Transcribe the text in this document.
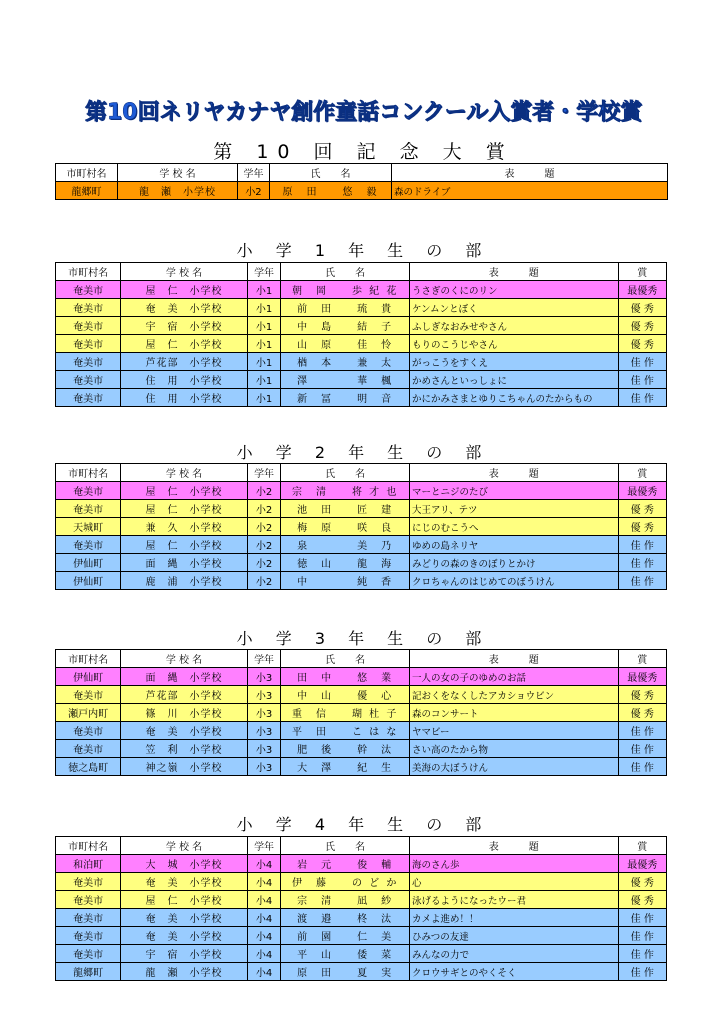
第10回ネリヤカナヤ創作童話コンクール入賞者・学校賞
第 10 回 記 念 大 賞
市町村名	学 校 名	学年	氏　　名	表　　　題
龍郷町	龍　瀬　小学校	小2	原　田　　悠　毅	森のドライブ
小 学 1 年 生 の 部
市町村名	学 校 名	学年	氏　　名	表　　　題	賞
奄美市	屋　仁　小学校	小1	朝　岡　　歩 紀 花	うさぎのくにのリン	最優秀
奄美市	奄　美　小学校	小1	前　田　　琉　貴	ケンムンとぼく	優 秀
奄美市	宇　宿　小学校	小1	中　島　　結　子	ふしぎなおみせやさん	優 秀
奄美市	屋　仁　小学校	小1	山　原　　佳　怜	もりのこうじやさん	優 秀
奄美市	芦花部　小学校	小1	楢　本　　兼　太	がっこうをすくえ	佳 作
奄美市	住　用　小学校	小1	澤　　　　華　楓	かめさんといっしょに	佳 作
奄美市	住　用　小学校	小1	新　冨　　明　音	かにかみさまとゆりこちゃんのたからもの	佳 作
小 学 2 年 生 の 部
市町村名	学 校 名	学年	氏　　名	表　　　題	賞
奄美市	屋　仁　小学校	小2	宗　清　　将 才 也	マーとニジのたび	最優秀
奄美市	屋　仁　小学校	小2	池　田　　匠　建	大王アリ、テツ	優 秀
天城町	兼　久　小学校	小2	梅　原　　咲　良	にじのむこうへ	優 秀
奄美市	屋　仁　小学校	小2	泉　　　　美　乃	ゆめの島ネリヤ	佳 作
伊仙町	面　縄　小学校	小2	徳　山　　龍　海	みどりの森のきのぼりとかけ	佳 作
伊仙町	鹿　浦　小学校	小2	中　　　　純　香	クロちゃんのはじめてのぼうけん	佳 作
小 学 3 年 生 の 部
市町村名	学 校 名	学年	氏　　名	表　　　題	賞
伊仙町	面　縄　小学校	小3	田　中　　悠　業	一人の女の子のゆめのお話	最優秀
奄美市	芦花部　小学校	小3	中　山　　優　心	記おくをなくしたアカショウビン	優 秀
瀬戸内町	篠　川　小学校	小3	重　信　　瑚 杜 子	森のコンサート	優 秀
奄美市	奄　美　小学校	小3	平　田　　こ は な	ヤマビー	佳 作
奄美市	笠　利　小学校	小3	肥　後　　幹　汰	さい高のたから物	佳 作
徳之島町	神之嶺　小学校	小3	大　澤　　紀　生	美海の大ぼうけん	佳 作
小 学 4 年 生 の 部
市町村名	学 校 名	学年	氏　　名	表　　　題	賞
和泊町	大　城　小学校	小4	岩　元　　俊　輔	海のさん歩	最優秀
奄美市	奄　美　小学校	小4	伊　藤　　の ど か	心	優 秀
奄美市	屋　仁　小学校	小4	宗　清　　凪　紗	泳げるようになったウー君	優 秀
奄美市	奄　美　小学校	小4	渡　邉　　柊　汰	カメよ進め！！	佳 作
奄美市	奄　美　小学校	小4	前　園　　仁　美	ひみつの友達	佳 作
奄美市	宇　宿　小学校	小4	平　山　　倭　菜	みんなの力で	佳 作
龍郷町	龍　瀬　小学校	小4	原　田　　夏　実	クロウサギとのやくそく	佳 作
